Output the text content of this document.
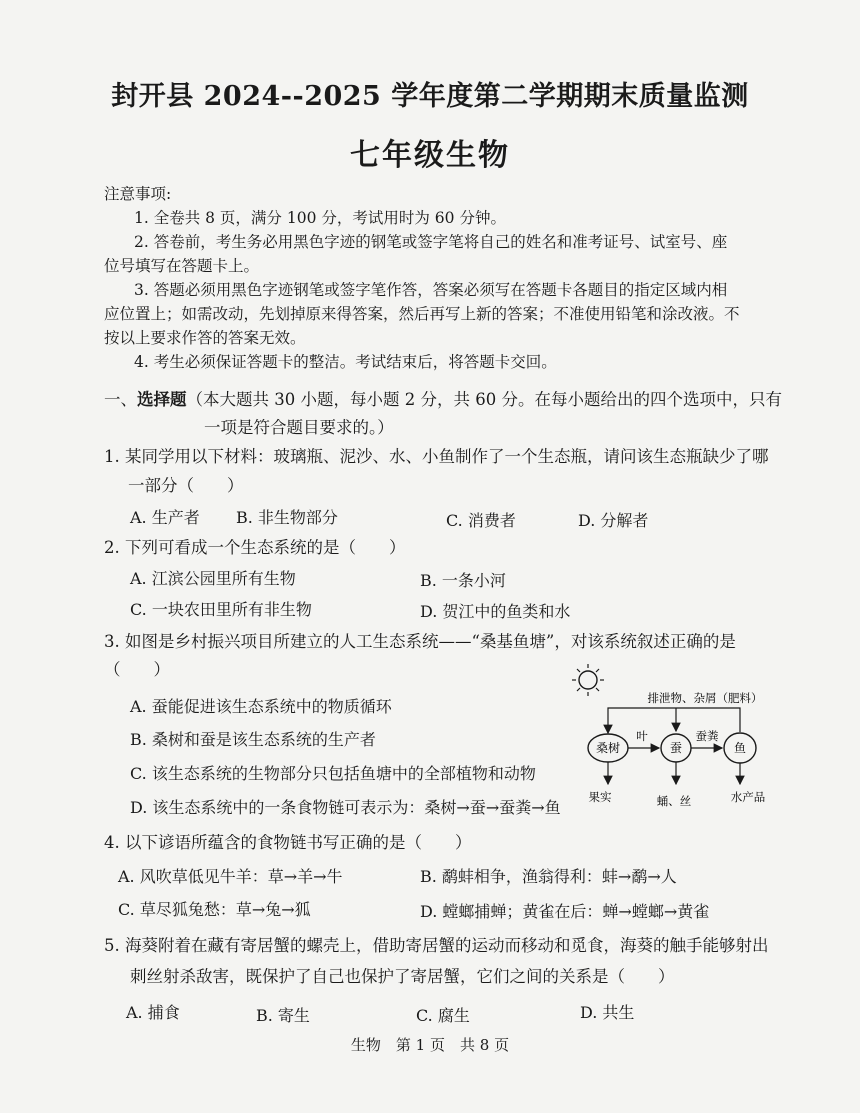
封开县 2024--2025 学年度第二学期期末质量监测
七年级生物
注意事项:
1. 全卷共 8 页，满分 100 分，考试用时为 60 分钟。
2. 答卷前，考生务必用黑色字迹的钢笔或签字笔将自己的姓名和准考证号、试室号、座
位号填写在答题卡上。
3. 答题必须用黑色字迹钢笔或签字笔作答，答案必须写在答题卡各题目的指定区域内相
应位置上；如需改动，先划掉原来得答案，然后再写上新的答案；不准使用铅笔和涂改液。不
按以上要求作答的答案无效。
4. 考生必须保证答题卡的整洁。考试结束后，将答题卡交回。
一、选择题（本大题共 30 小题，每小题 2 分，共 60 分。在每小题给出的四个选项中，只有
一项是符合题目要求的。）
1. 某同学用以下材料：玻璃瓶、泥沙、水、小鱼制作了一个生态瓶，请问该生态瓶缺少了哪
一部分（　　）
A. 生产者 B. 非生物部分	C. 消费者	D. 分解者
2. 下列可看成一个生态系统的是（　　）
A. 江滨公园里所有生物	B. 一条小河
C. 一块农田里所有非生物	D. 贺江中的鱼类和水
3. 如图是乡村振兴项目所建立的人工生态系统——“桑基鱼塘”，对该系统叙述正确的是
（　　）
A. 蚕能促进该生态系统中的物质循环
B. 桑树和蚕是该生态系统的生产者
C. 该生态系统的生物部分只包括鱼塘中的全部植物和动物
D. 该生态系统中的一条食物链可表示为：桑树→蚕→蚕粪→鱼
排泄物、杂屑（肥料）
桑树	蚕	鱼
叶	蚕粪
果实	蛹、丝	水产品
4. 以下谚语所蕴含的食物链书写正确的是（　　）
A. 风吹草低见牛羊：草→羊→牛	B. 鹬蚌相争，渔翁得利：蚌→鹬→人
C. 草尽狐兔愁：草→兔→狐	D. 螳螂捕蝉；黄雀在后：蝉→螳螂→黄雀
5. 海葵附着在藏有寄居蟹的螺壳上，借助寄居蟹的运动而移动和觅食，海葵的触手能够射出
刺丝射杀敌害，既保护了自己也保护了寄居蟹，它们之间的关系是（　　）
A. 捕食	B. 寄生	C. 腐生	D. 共生
生物　第 1 页　共 8 页
